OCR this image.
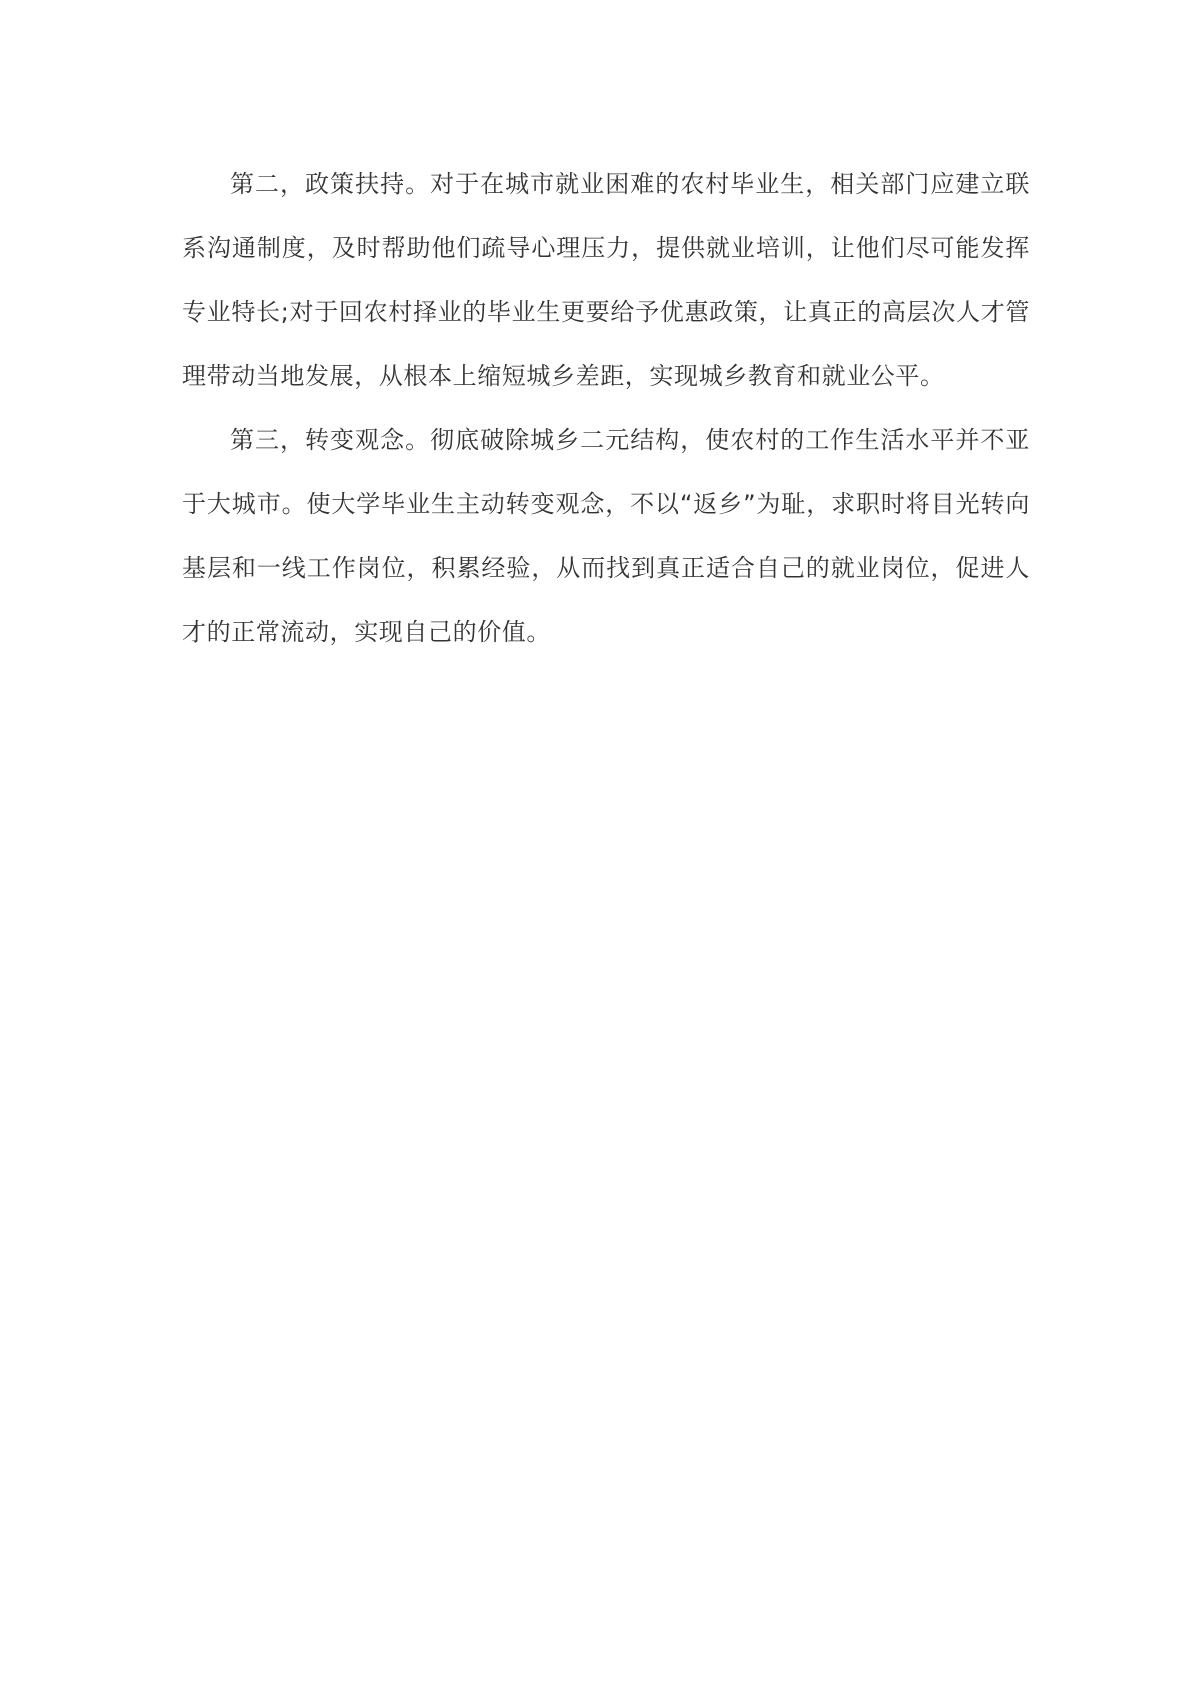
第二，政策扶持。对于在城市就业困难的农村毕业生，相关部门应建立联系沟通制度，及时帮助他们疏导心理压力，提供就业培训，让他们尽可能发挥专业特长;对于回农村择业的毕业生更要给予优惠政策，让真正的高层次人才管理带动当地发展，从根本上缩短城乡差距，实现城乡教育和就业公平。

第三，转变观念。彻底破除城乡二元结构，使农村的工作生活水平并不亚于大城市。使大学毕业生主动转变观念，不以“返乡”为耻，求职时将目光转向基层和一线工作岗位，积累经验，从而找到真正适合自己的就业岗位，促进人才的正常流动，实现自己的价值。
